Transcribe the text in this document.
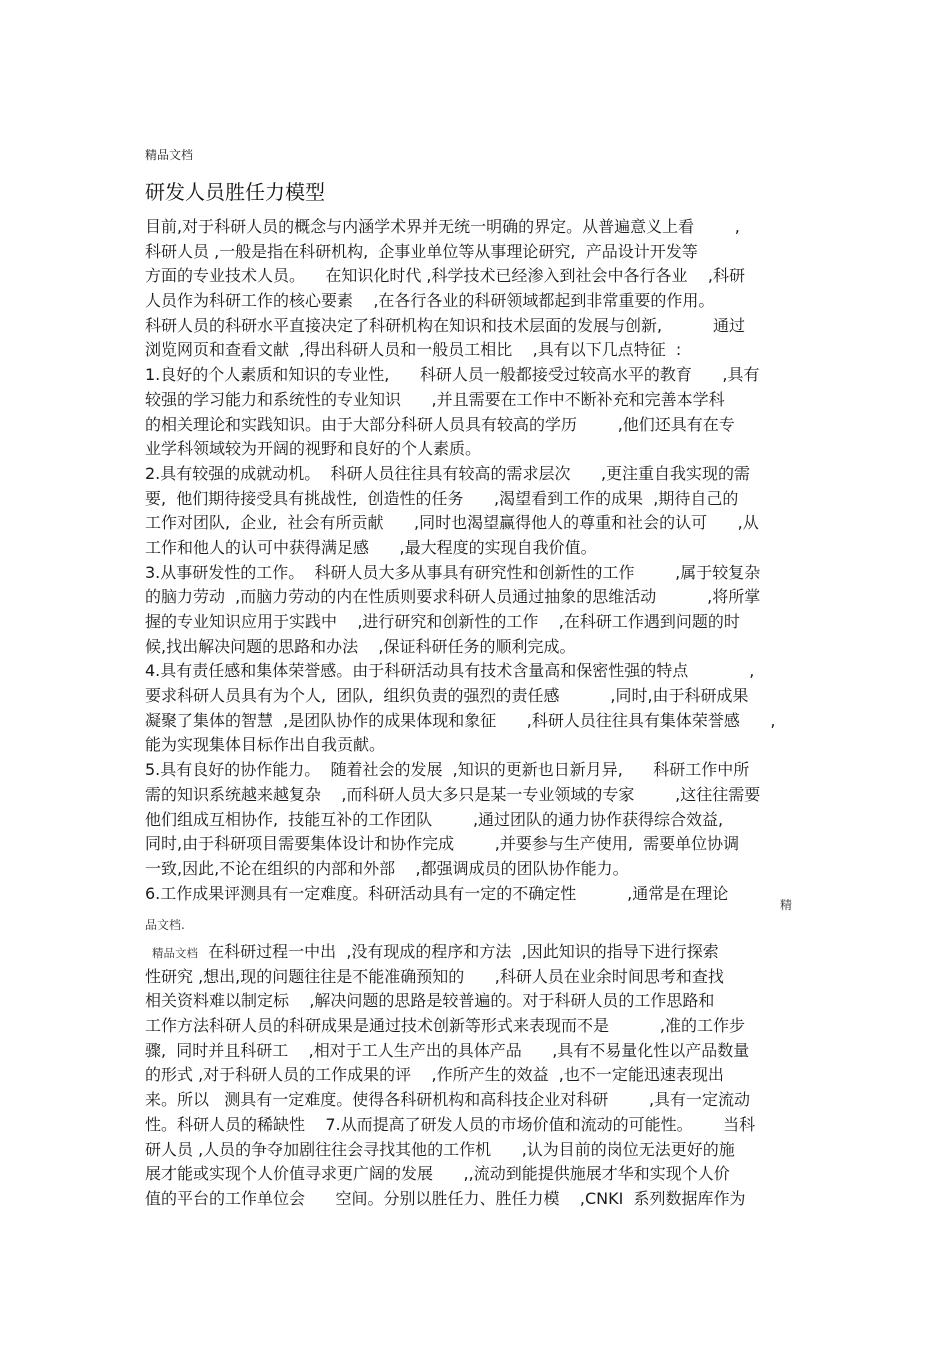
精品文档
研发人员胜任力模型
目前,对于科研人员的概念与内涵学术界并无统一明确的界定。从普遍意义上看        ,
科研人员 ,一般是指在科研机构,  企事业单位等从事理论研究,  产品设计开发等
方面的专业技术人员。    在知识化时代 ,科学技术已经渗入到社会中各行各业    ,科研
人员作为科研工作的核心要素    ,在各行各业的科研领域都起到非常重要的作用。
科研人员的科研水平直接决定了科研机构在知识和技术层面的发展与创新,          通过
浏览网页和查看文献  ,得出科研人员和一般员工相比    ,具有以下几点特征  :
1.良好的个人素质和知识的专业性,      科研人员一般都接受过较高水平的教育      ,具有
较强的学习能力和系统性的专业知识      ,并且需要在工作中不断补充和完善本学科
的相关理论和实践知识。由于大部分科研人员具有较高的学历        ,他们还具有在专
业学科领域较为开阔的视野和良好的个人素质。
2.具有较强的成就动机。  科研人员往往具有较高的需求层次      ,更注重自我实现的需
要,  他们期待接受具有挑战性,  创造性的任务      ,渴望看到工作的成果  ,期待自己的
工作对团队,  企业,  社会有所贡献      ,同时也渴望赢得他人的尊重和社会的认可      ,从
工作和他人的认可中获得满足感      ,最大程度的实现自我价值。
3.从事研发性的工作。  科研人员大多从事具有研究性和创新性的工作        ,属于较复杂
的脑力劳动  ,而脑力劳动的内在性质则要求科研人员通过抽象的思维活动          ,将所掌
握的专业知识应用于实践中    ,进行研究和创新性的工作    ,在科研工作遇到问题的时
候,找出解决问题的思路和办法    ,保证科研任务的顺利完成。
4.具有责任感和集体荣誉感。由于科研活动具有技术含量高和保密性强的特点            ,
要求科研人员具有为个人,  团队,  组织负责的强烈的责任感          ,同时,由于科研成果
凝聚了集体的智慧  ,是团队协作的成果体现和象征      ,科研人员往往具有集体荣誉感      ,
能为实现集体目标作出自我贡献。
5.具有良好的协作能力。  随着社会的发展  ,知识的更新也日新月异,      科研工作中所
需的知识系统越来越复杂    ,而科研人员大多只是某一专业领域的专家        ,这往往需要
他们组成互相协作,  技能互补的工作团队        ,通过团队的通力协作获得综合效益,
同时,由于科研项目需要集体设计和协作完成        ,并要参与生产使用,  需要单位协调
一致,因此,不论在组织的内部和外部    ,都强调成员的团队协作能力。
6.工作成果评测具有一定难度。科研活动具有一定的不确定性          ,通常是在理论
精
品文档.
精品文档 在科研过程一中出  ,没有现成的程序和方法  ,因此知识的指导下进行探索
性研究 ,想出,现的问题往往是不能准确预知的      ,科研人员在业余时间思考和查找
相关资料难以制定标    ,解决问题的思路是较普遍的。对于科研人员的工作思路和
工作方法科研人员的科研成果是通过技术创新等形式来表现而不是          ,准的工作步
骤,  同时并且科研工    ,相对于工人生产出的具体产品      ,具有不易量化性以产品数量
的形式 ,对于科研人员的工作成果的评    ,作所产生的效益  ,也不一定能迅速表现出
来。所以   测具有一定难度。使得各科研机构和高科技企业对科研        ,具有一定流动
性。科研人员的稀缺性    7.从而提高了研发人员的市场价值和流动的可能性。      当科
研人员 ,人员的争夺加剧往往会寻找其他的工作机      ,认为目前的岗位无法更好的施
展才能或实现个人价值寻求更广阔的发展      ,,流动到能提供施展才华和实现个人价
值的平台的工作单位会      空间。分别以胜任力、胜任力模    ,CNKI  系列数据库作为
